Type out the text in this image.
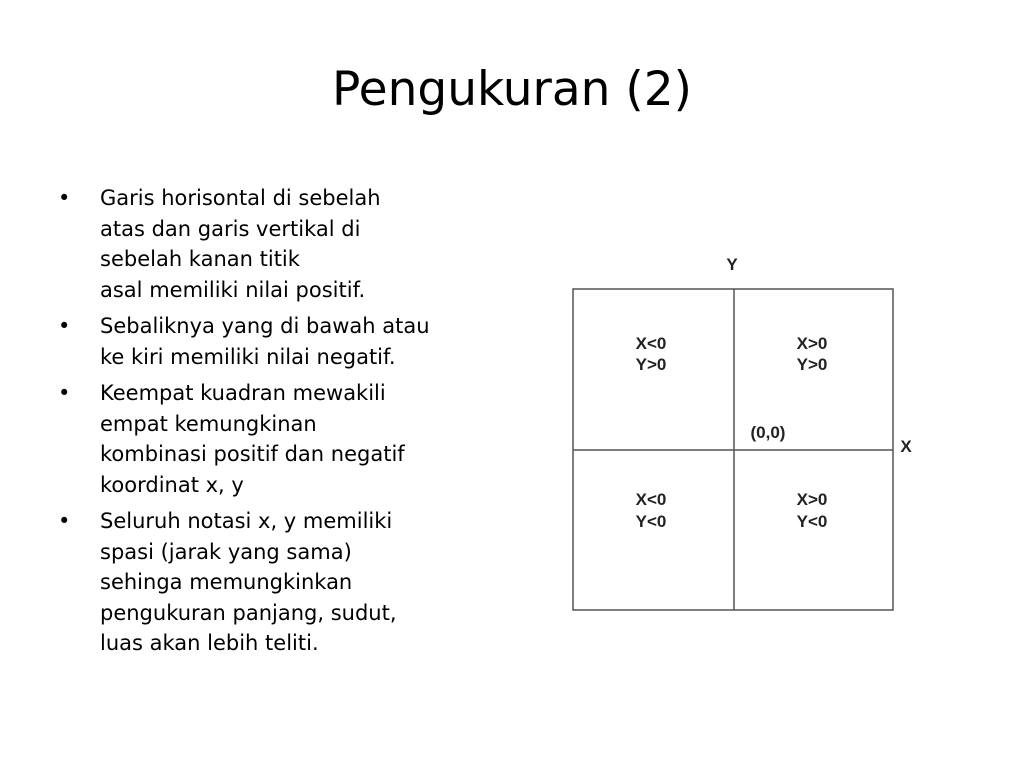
Pengukuran (2)
• Garis horisontal di sebelah
atas dan garis vertikal di
sebelah kanan titik
asal memiliki nilai positif.
• Sebaliknya yang di bawah atau
ke kiri memiliki nilai negatif.
• Keempat kuadran mewakili
empat kemungkinan
kombinasi positif dan negatif
koordinat x, y
• Seluruh notasi x, y memiliki
spasi (jarak yang sama)
sehinga memungkinkan
pengukuran panjang, sudut,
luas akan lebih teliti.
Y
X
(0,0)
X<0
Y>0
X>0
Y>0
X<0
Y<0
X>0
Y<0
